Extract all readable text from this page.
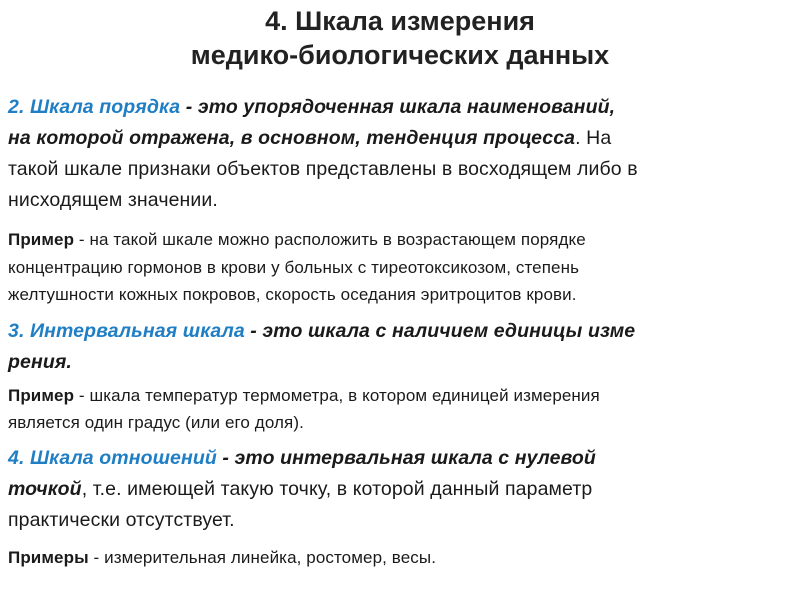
4. Шкала измерения
медико-биологических данных

2. Шкала порядка - это упорядоченная шкала наименований,
на которой отражена, в основном, тенденция процесса. На
такой шкале признаки объектов представлены в восходящем либо в
нисходящем значении.

Пример - на такой шкале можно расположить в возрастающем порядке
концентрацию гормонов в крови у больных с тиреотоксикозом, степень
желтушности кожных покровов, скорость оседания эритроцитов крови.

3. Интервальная шкала - это шкала с наличием единицы изме
рения.

Пример - шкала температур термометра, в котором единицей измерения
является один градус (или его доля).

4. Шкала отношений - это интервальная шкала с нулевой
точкой, т.е. имеющей такую точку, в которой данный параметр
практически отсутствует.

Примеры - измерительная линейка, ростомер, весы.
